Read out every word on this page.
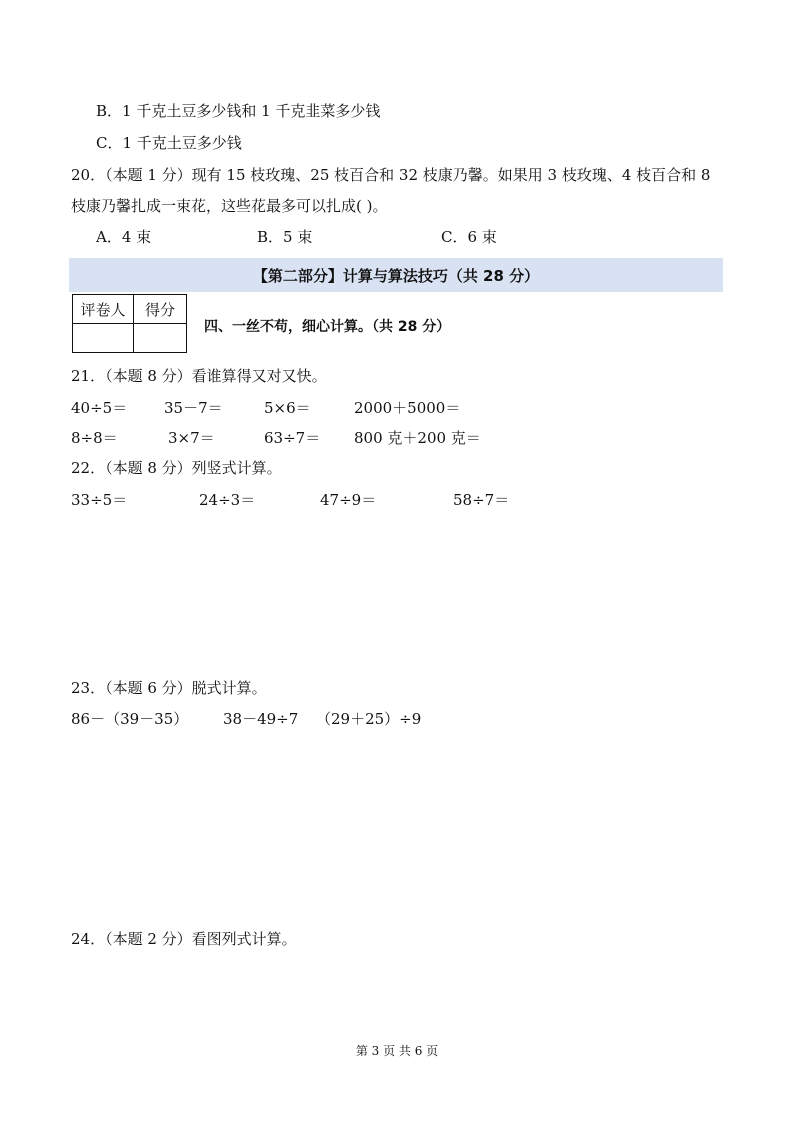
B．1 千克土豆多少钱和 1 千克韭菜多少钱
C．1 千克土豆多少钱
20．（本题 1 分）现有 15 枝玫瑰、25 枝百合和 32 枝康乃馨。如果用 3 枝玫瑰、4 枝百合和 8
枝康乃馨扎成一束花，这些花最多可以扎成( )。
A．4 束	B．5 束	C．6 束
【第二部分】计算与算法技巧（共 28 分）
评卷人	得分

四、一丝不苟，细心计算。（共 28 分）
21．（本题 8 分）看谁算得又对又快。
40÷5＝ 35－7＝	5×6＝	2000＋5000＝
8÷8＝	3×7＝	63÷7＝ 800 克＋200 克＝
22．（本题 8 分）列竖式计算。
33÷5＝	24÷3＝	47÷9＝	58÷7＝
23．（本题 6 分）脱式计算。
86－（39－35） 38－49÷7 （29＋25）÷9
24．（本题 2 分）看图列式计算。
第 3 页 共 6 页
